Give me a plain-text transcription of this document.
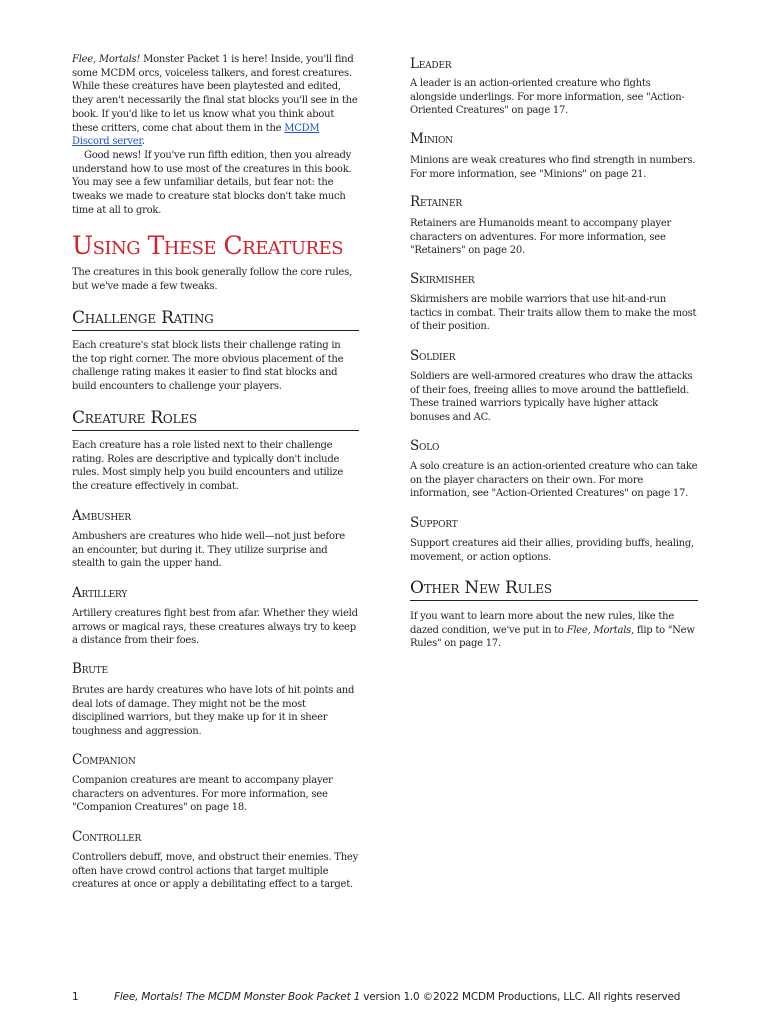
Flee, Mortals! Monster Packet 1 is here! Inside, you'll find some MCDM orcs, voiceless talkers, and forest creatures. While these creatures have been playtested and edited, they aren't necessarily the final stat blocks you'll see in the book. If you'd like to let us know what you think about these critters, come chat about them in the MCDM Discord server.

Good news! If you've run fifth edition, then you already understand how to use most of the creatures in this book. You may see a few unfamiliar details, but fear not: the tweaks we made to creature stat blocks don't take much time at all to grok.

Using These Creatures

The creatures in this book generally follow the core rules, but we've made a few tweaks.

Challenge Rating

Each creature's stat block lists their challenge rating in the top right corner. The more obvious placement of the challenge rating makes it easier to find stat blocks and build encounters to challenge your players.

Creature Roles

Each creature has a role listed next to their challenge rating. Roles are descriptive and typically don't include rules. Most simply help you build encounters and utilize the creature effectively in combat.

Ambusher

Ambushers are creatures who hide well—not just before an encounter, but during it. They utilize surprise and stealth to gain the upper hand.

Artillery

Artillery creatures fight best from afar. Whether they wield arrows or magical rays, these creatures always try to keep a distance from their foes.

Brute

Brutes are hardy creatures who have lots of hit points and deal lots of damage. They might not be the most disciplined warriors, but they make up for it in sheer toughness and aggression.

Companion

Companion creatures are meant to accompany player characters on adventures. For more information, see "Companion Creatures" on page 18.

Controller

Controllers debuff, move, and obstruct their enemies. They often have crowd control actions that target multiple creatures at once or apply a debilitating effect to a target.

Leader

A leader is an action-oriented creature who fights alongside underlings. For more information, see "Action-Oriented Creatures" on page 17.

Minion

Minions are weak creatures who find strength in numbers. For more information, see "Minions" on page 21.

Retainer

Retainers are Humanoids meant to accompany player characters on adventures. For more information, see "Retainers" on page 20.

Skirmisher

Skirmishers are mobile warriors that use hit-and-run tactics in combat. Their traits allow them to make the most of their position.

Soldier

Soldiers are well-armored creatures who draw the attacks of their foes, freeing allies to move around the battlefield. These trained warriors typically have higher attack bonuses and AC.

Solo

A solo creature is an action-oriented creature who can take on the player characters on their own. For more information, see "Action-Oriented Creatures" on page 17.

Support

Support creatures aid their allies, providing buffs, healing, movement, or action options.

Other New Rules

If you want to learn more about the new rules, like the dazed condition, we've put in to Flee, Mortals, flip to "New Rules" on page 17.

1	Flee, Mortals! The MCDM Monster Book Packet 1 version 1.0 ©2022 MCDM Productions, LLC. All rights reserved
